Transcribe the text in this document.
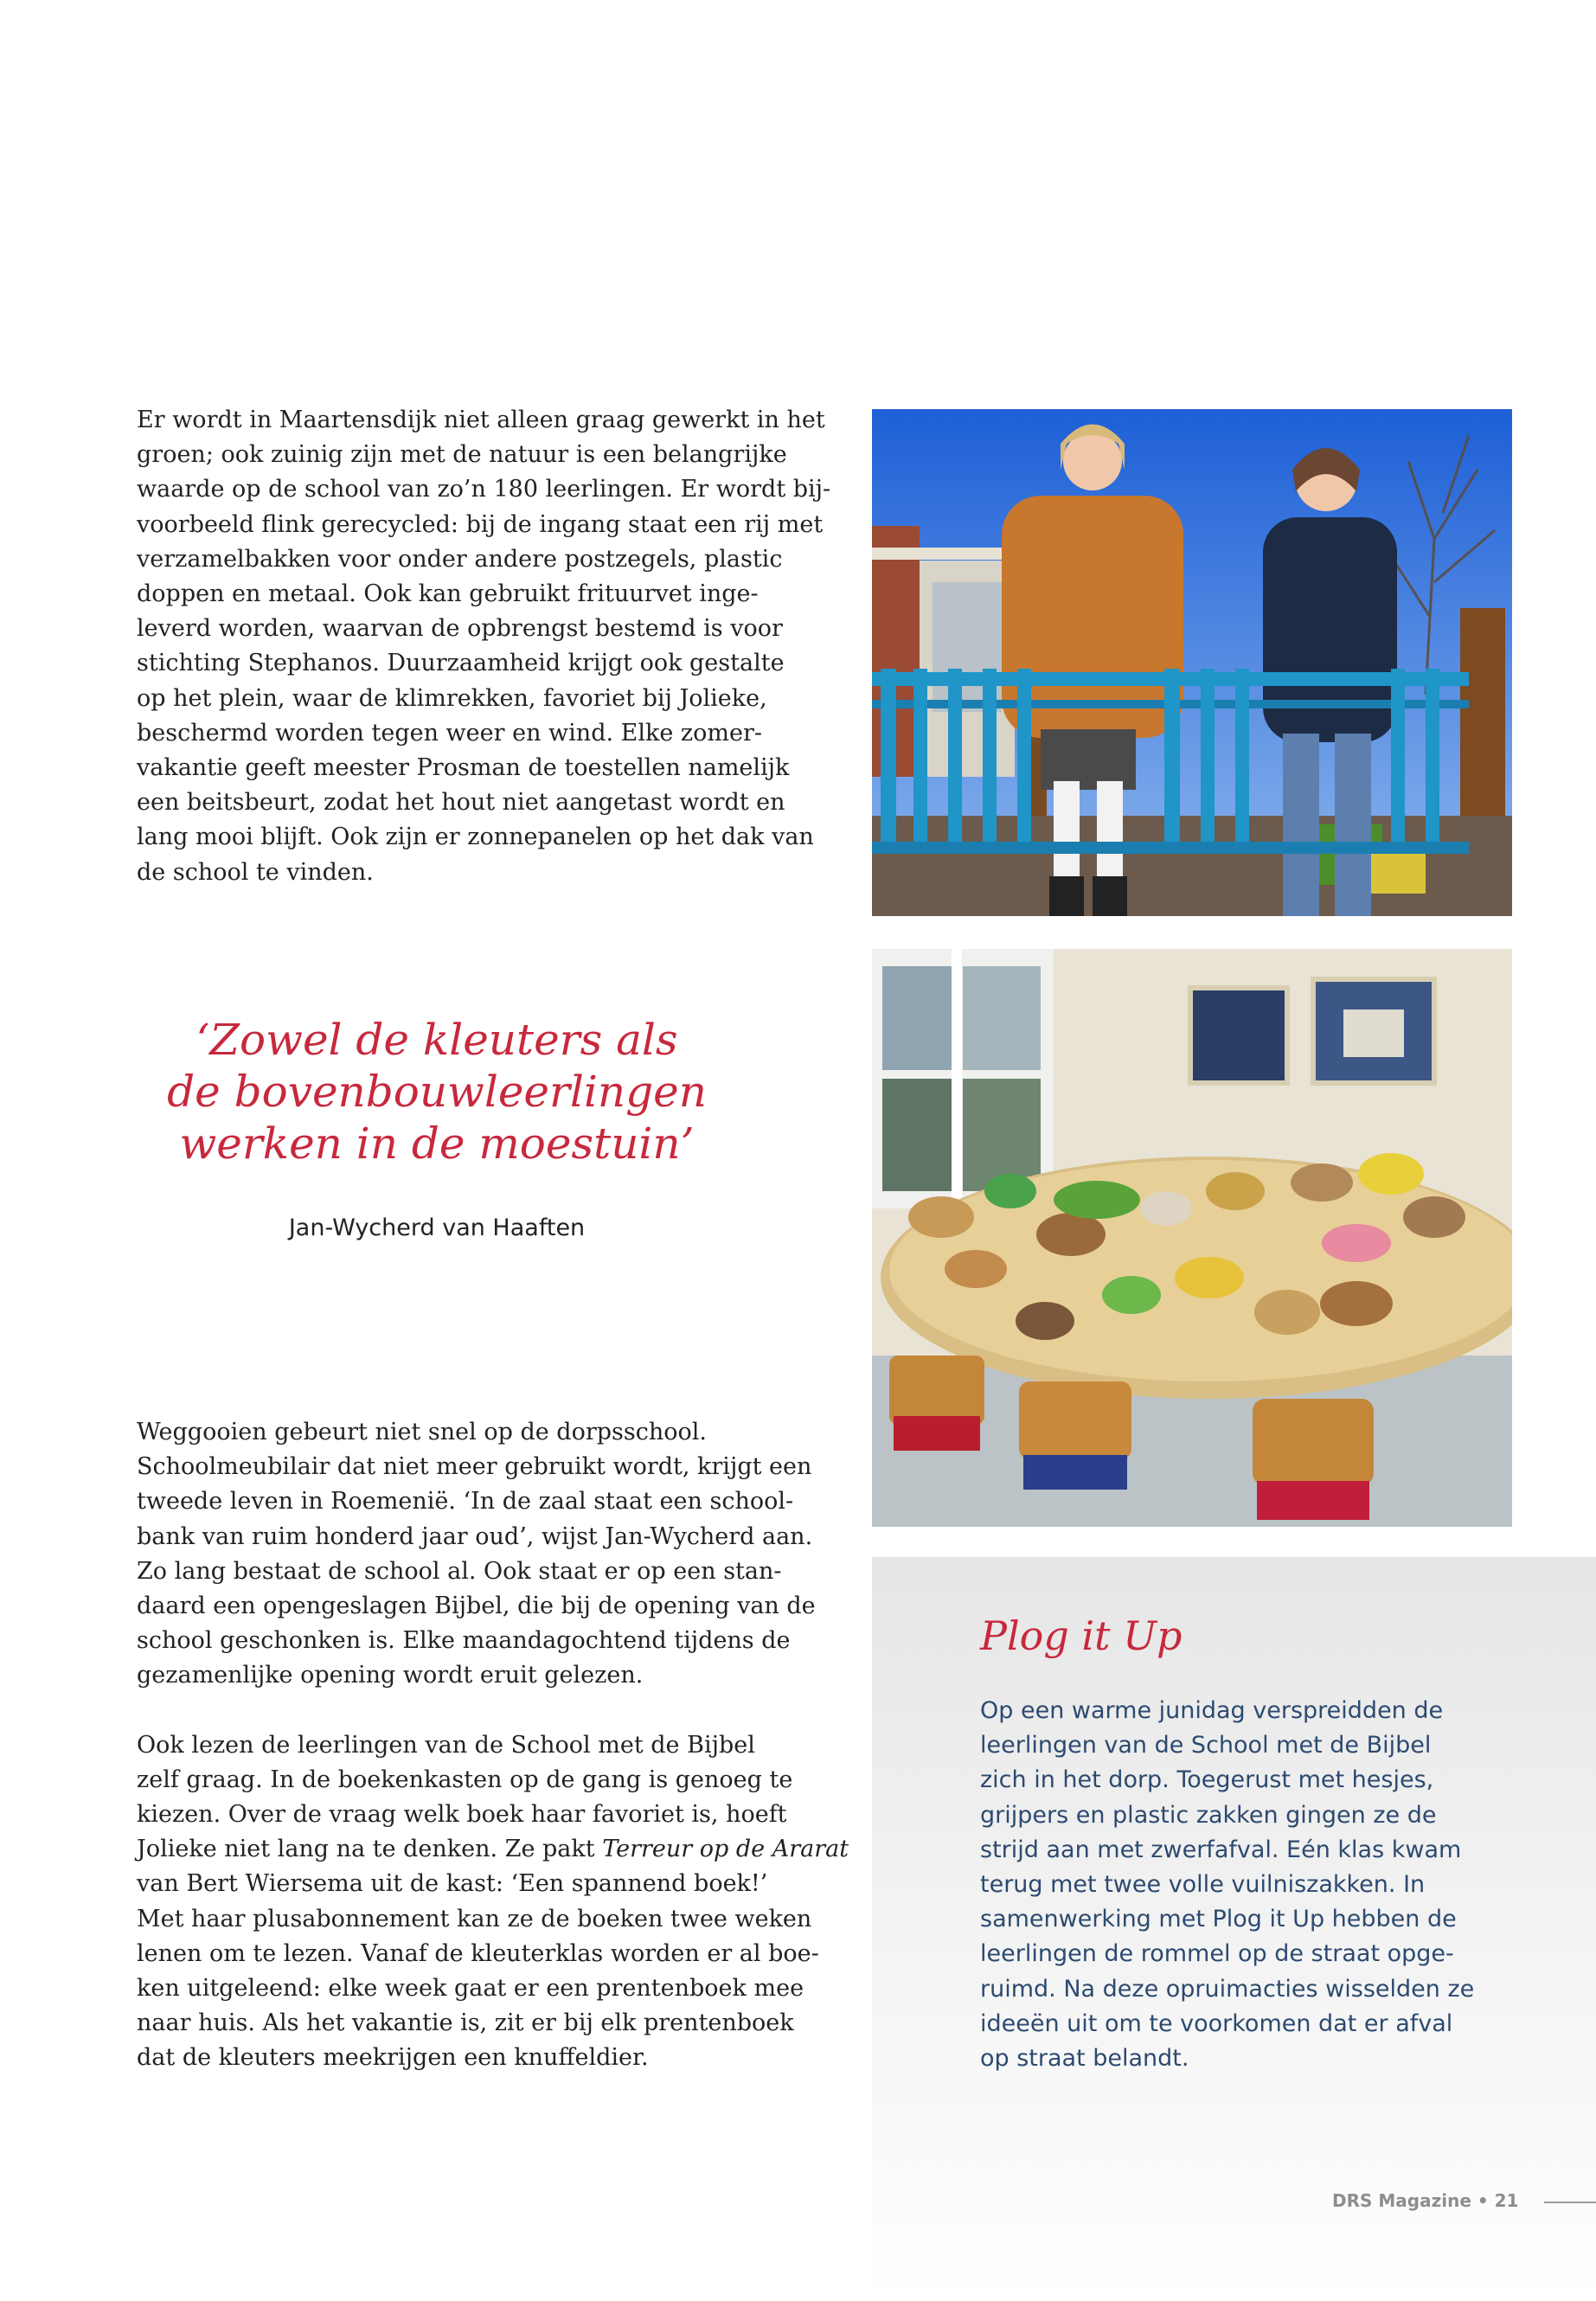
Er wordt in Maartensdijk niet alleen graag gewerkt in het
groen; ook zuinig zijn met de natuur is een belangrijke
waarde op de school van zo’n 180 leerlingen. Er wordt bij-
voorbeeld flink gerecycled: bij de ingang staat een rij met
verzamelbakken voor onder andere postzegels, plastic
doppen en metaal. Ook kan gebruikt frituurvet inge-
leverd worden, waarvan de opbrengst bestemd is voor
stichting Stephanos. Duurzaamheid krijgt ook gestalte
op het plein, waar de klimrekken, favoriet bij Jolieke,
beschermd worden tegen weer en wind. Elke zomer-
vakantie geeft meester Prosman de toestellen namelijk
een beitsbeurt, zodat het hout niet aangetast wordt en
lang mooi blijft. Ook zijn er zonnepanelen op het dak van
de school te vinden.

‘Zowel de kleuters als
de bovenbouwleerlingen
werken in de moestuin’
Jan-Wycherd van Haaften

Weggooien gebeurt niet snel op de dorpsschool.
Schoolmeubilair dat niet meer gebruikt wordt, krijgt een
tweede leven in Roemenië. ‘In de zaal staat een school-
bank van ruim honderd jaar oud’, wijst Jan-Wycherd aan.
Zo lang bestaat de school al. Ook staat er op een stan-
daard een opengeslagen Bijbel, die bij de opening van de
school geschonken is. Elke maandagochtend tijdens de
gezamenlijke opening wordt eruit gelezen.

Ook lezen de leerlingen van de School met de Bijbel
zelf graag. In de boekenkasten op de gang is genoeg te
kiezen. Over de vraag welk boek haar favoriet is, hoeft
Jolieke niet lang na te denken. Ze pakt Terreur op de Ararat
van Bert Wiersema uit de kast: ‘Een spannend boek!’
Met haar plusabonnement kan ze de boeken twee weken
lenen om te lezen. Vanaf de kleuterklas worden er al boe-
ken uitgeleend: elke week gaat er een prentenboek mee
naar huis. Als het vakantie is, zit er bij elk prentenboek
dat de kleuters meekrijgen een knuffeldier.

Plog it Up
Op een warme junidag verspreidden de
leerlingen van de School met de Bijbel
zich in het dorp. Toegerust met hesjes,
grijpers en plastic zakken gingen ze de
strijd aan met zwerfafval. Eén klas kwam
terug met twee volle vuilniszakken. In
samenwerking met Plog it Up hebben de
leerlingen de rommel op de straat opge-
ruimd. Na deze opruimacties wisselden ze
ideeën uit om te voorkomen dat er afval
op straat belandt.
DRS Magazine • 21
